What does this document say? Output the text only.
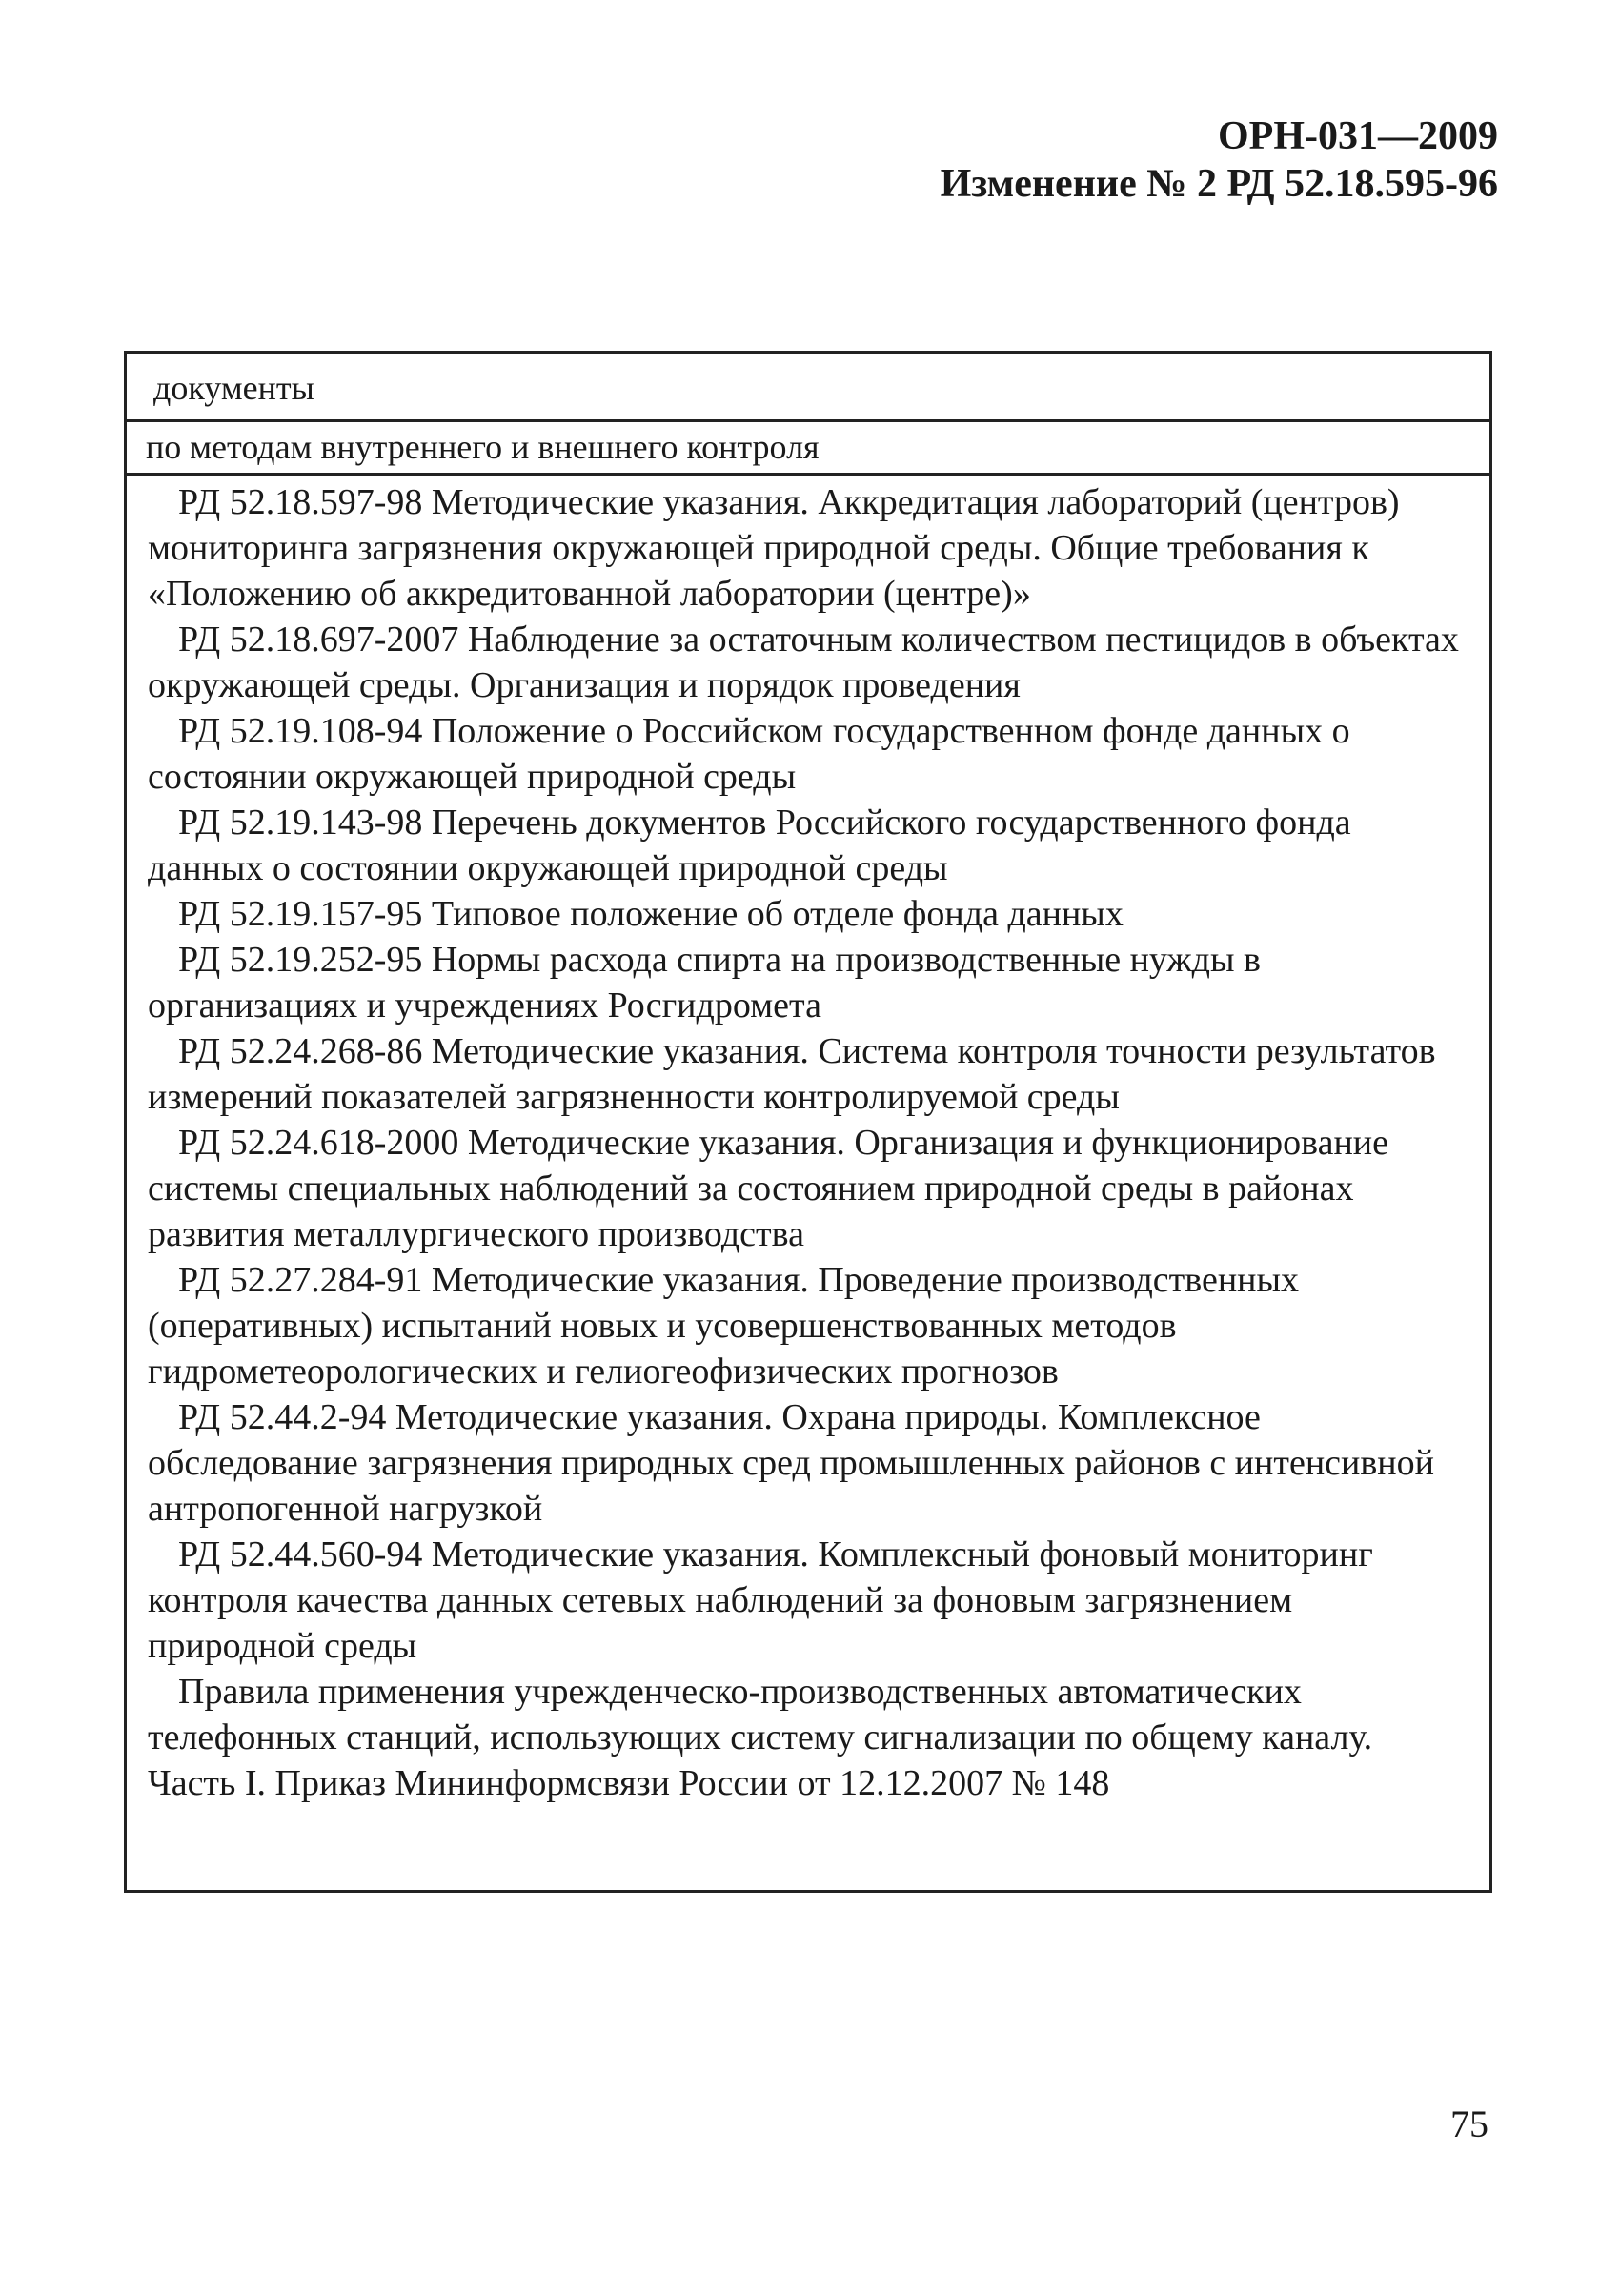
ОРН-031—2009
Изменение № 2 РД 52.18.595-96
документы
по методам внутреннего и внешнего контроля

РД 52.18.597-98 Методические указания. Аккредитация лабораторий (центров) мониторинга загрязнения окружающей природной среды. Общие требования к «Положению об аккредитованной лаборатории (центре)»

РД 52.18.697-2007 Наблюдение за остаточным количеством пестицидов в объектах окружающей среды. Организация и порядок проведения

РД 52.19.108-94 Положение о Российском государственном фонде данных о состоянии окружающей природной среды

РД 52.19.143-98 Перечень документов Российского государственного фонда данных о состоянии окружающей природной среды

РД 52.19.157-95 Типовое положение об отделе фонда данных

РД 52.19.252-95 Нормы расхода спирта на производственные нужды в организациях и учреждениях Росгидромета

РД 52.24.268-86 Методические указания. Система контроля точности результатов измерений показателей загрязненности контролируемой среды

РД 52.24.618-2000 Методические указания. Организация и функционирование системы специальных наблюдений за состоянием природной среды в районах развития металлургического производства

РД 52.27.284-91 Методические указания. Проведение производственных (оперативных) испытаний новых и усовершенствованных методов гидрометеорологических и гелиогеофизических прогнозов

РД 52.44.2-94 Методические указания. Охрана природы. Комплексное обследование загрязнения природных сред промышленных районов с интенсивной антропогенной нагрузкой

РД 52.44.560-94 Методические указания. Комплексный фоновый мониторинг контроля качества данных сетевых наблюдений за фоновым загрязнением природной среды

Правила применения учрежденческо-производственных автоматических телефонных станций, использующих систему сигнализации по общему каналу. Часть I. Приказ Мининформсвязи России от 12.12.2007 № 148

75
